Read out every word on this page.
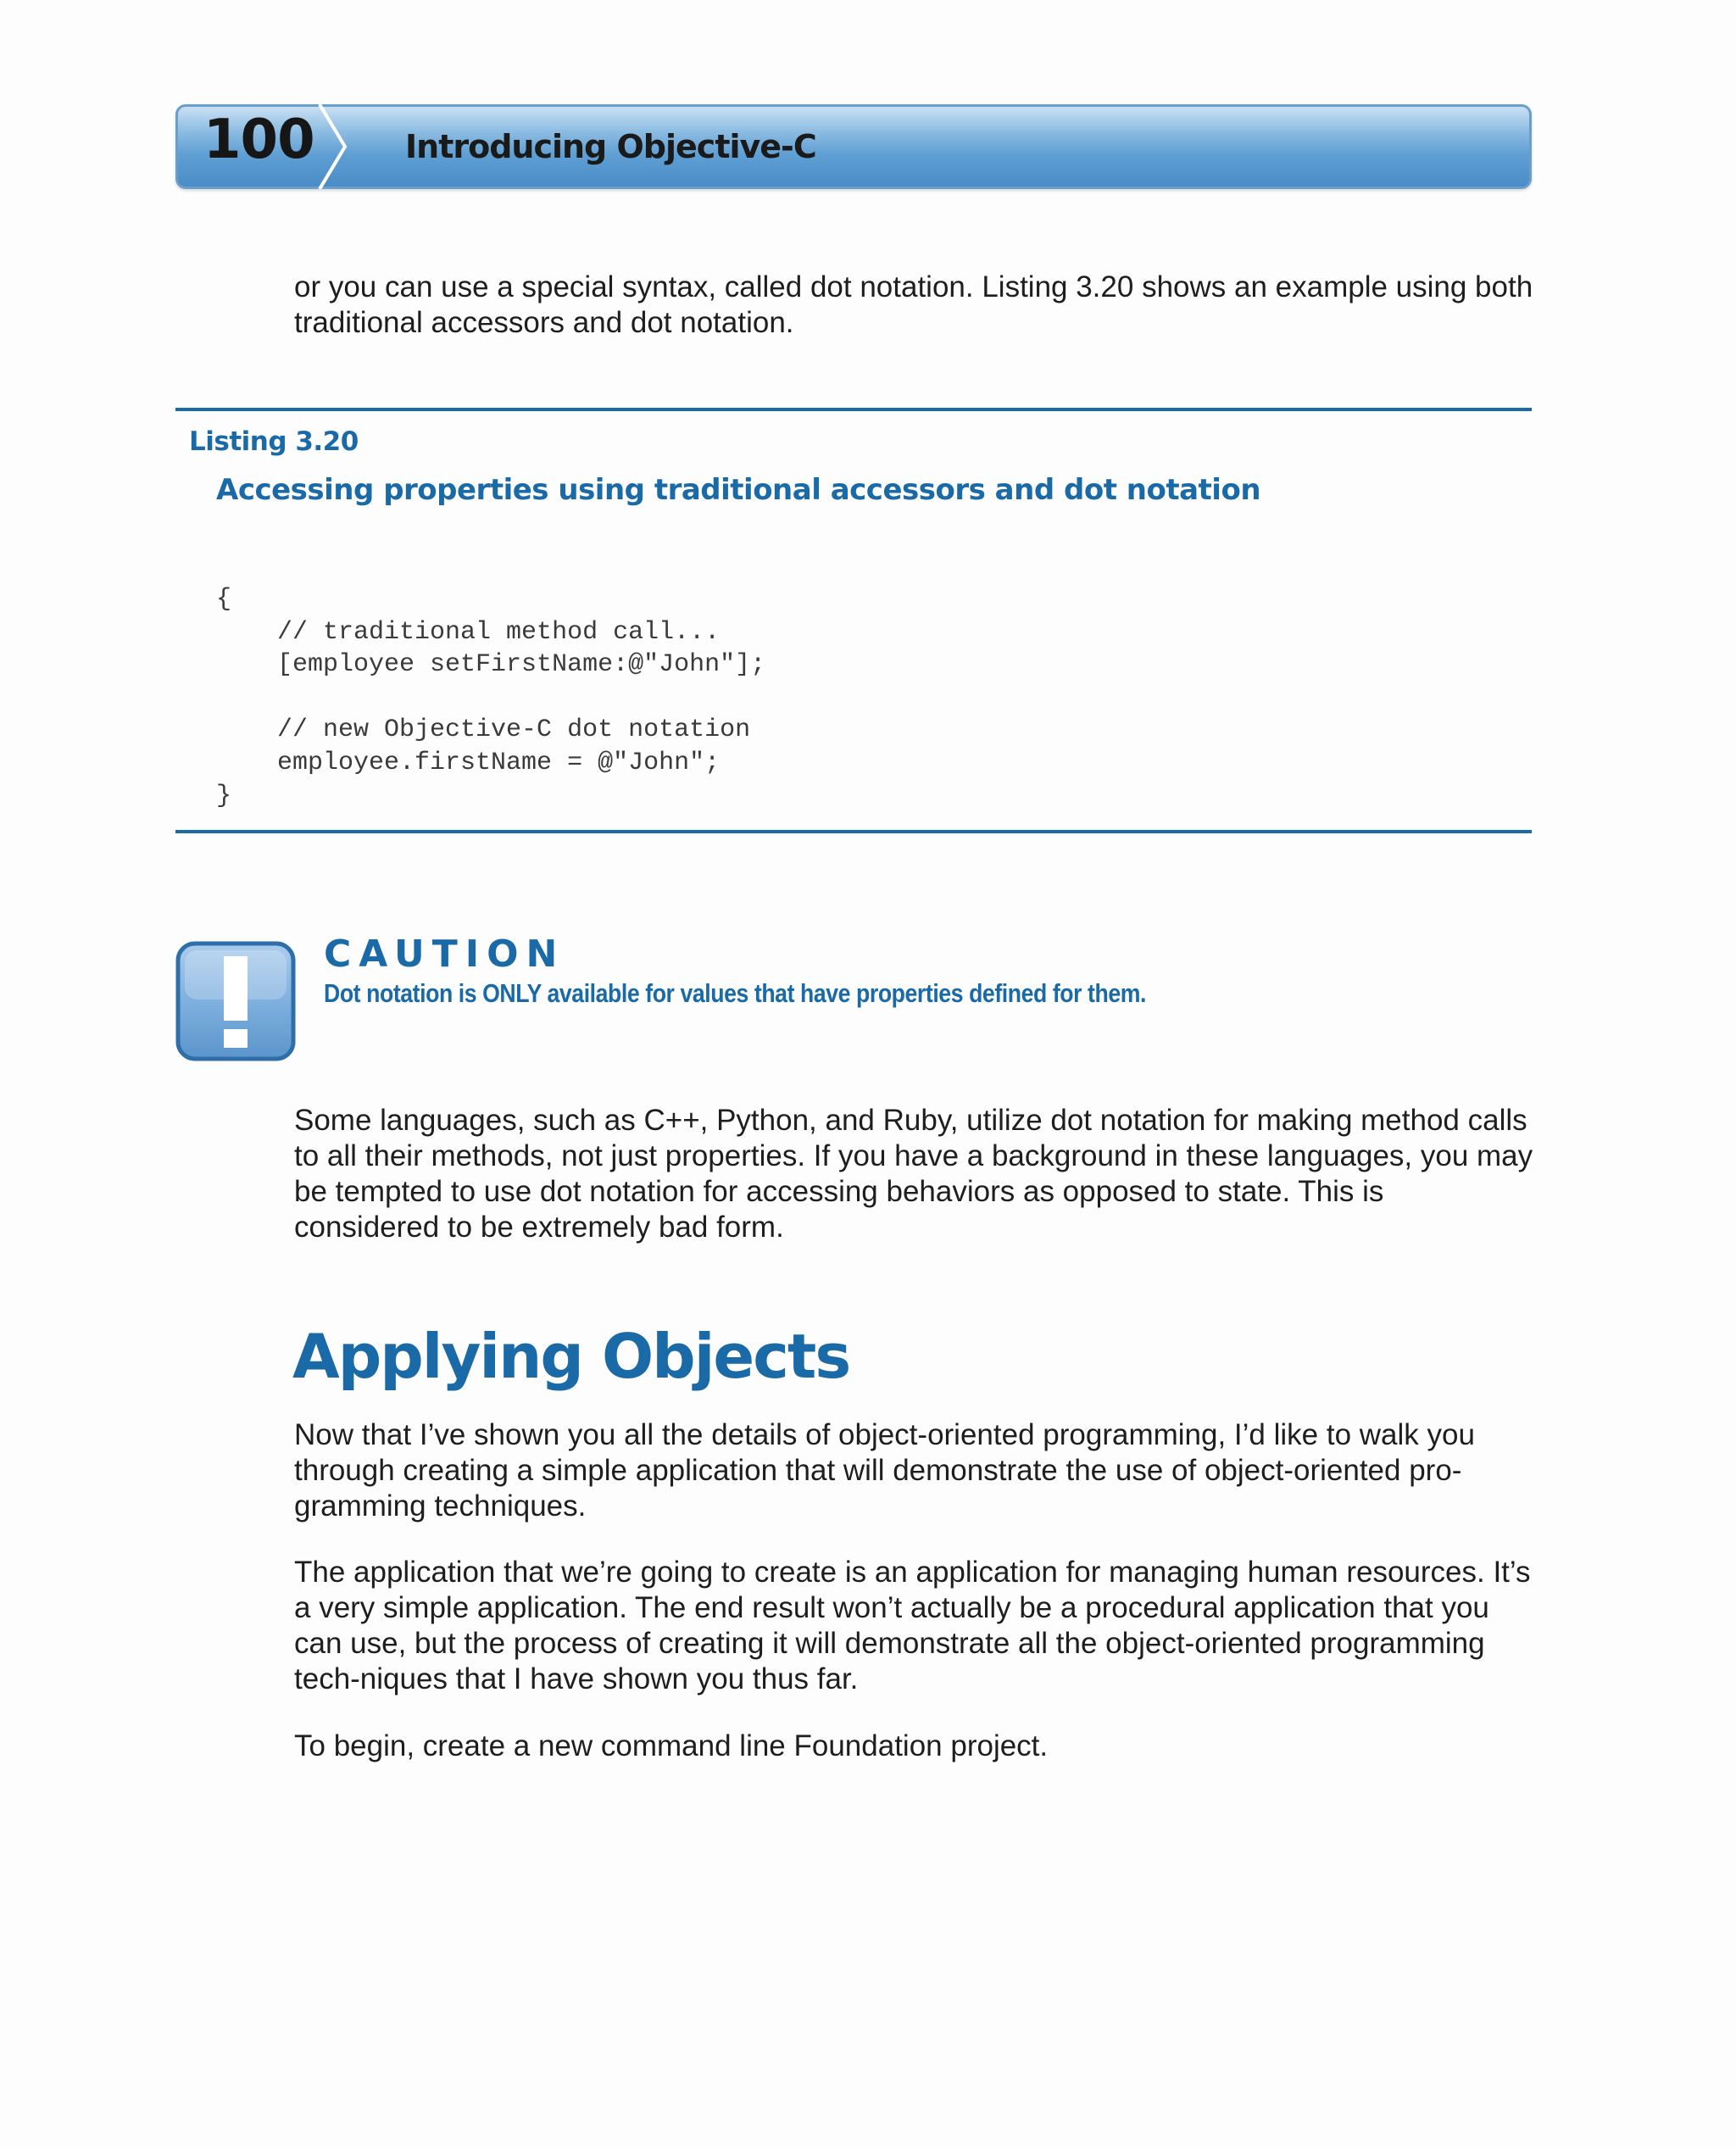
100	Introducing Objective-C

or you can use a special syntax, called dot notation. Listing 3.20 shows an example using both traditional accessors and dot notation.

Listing 3.20
Accessing properties using traditional accessors and dot notation
{
// traditional method call...
[employee setFirstName:@"John"];
// new Objective-C dot notation
employee.firstName = @"John";
}
CAUTION
Dot notation is ONLY available for values that have properties defined for them.

Some languages, such as C++, Python, and Ruby, utilize dot notation for making method calls to all their methods, not just properties. If you have a background in these languages, you may be tempted to use dot notation for accessing behaviors as opposed to state. This is considered to be extremely bad form.

Applying Objects

Now that I’ve shown you all the details of object-oriented programming, I’d like to walk you through creating a simple application that will demonstrate the use of object-oriented pro-gramming techniques.

The application that we’re going to create is an application for managing human resources. It’s a very simple application. The end result won’t actually be a procedural application that you can use, but the process of creating it will demonstrate all the object-oriented programming tech-niques that I have shown you thus far.

To begin, create a new command line Foundation project.
